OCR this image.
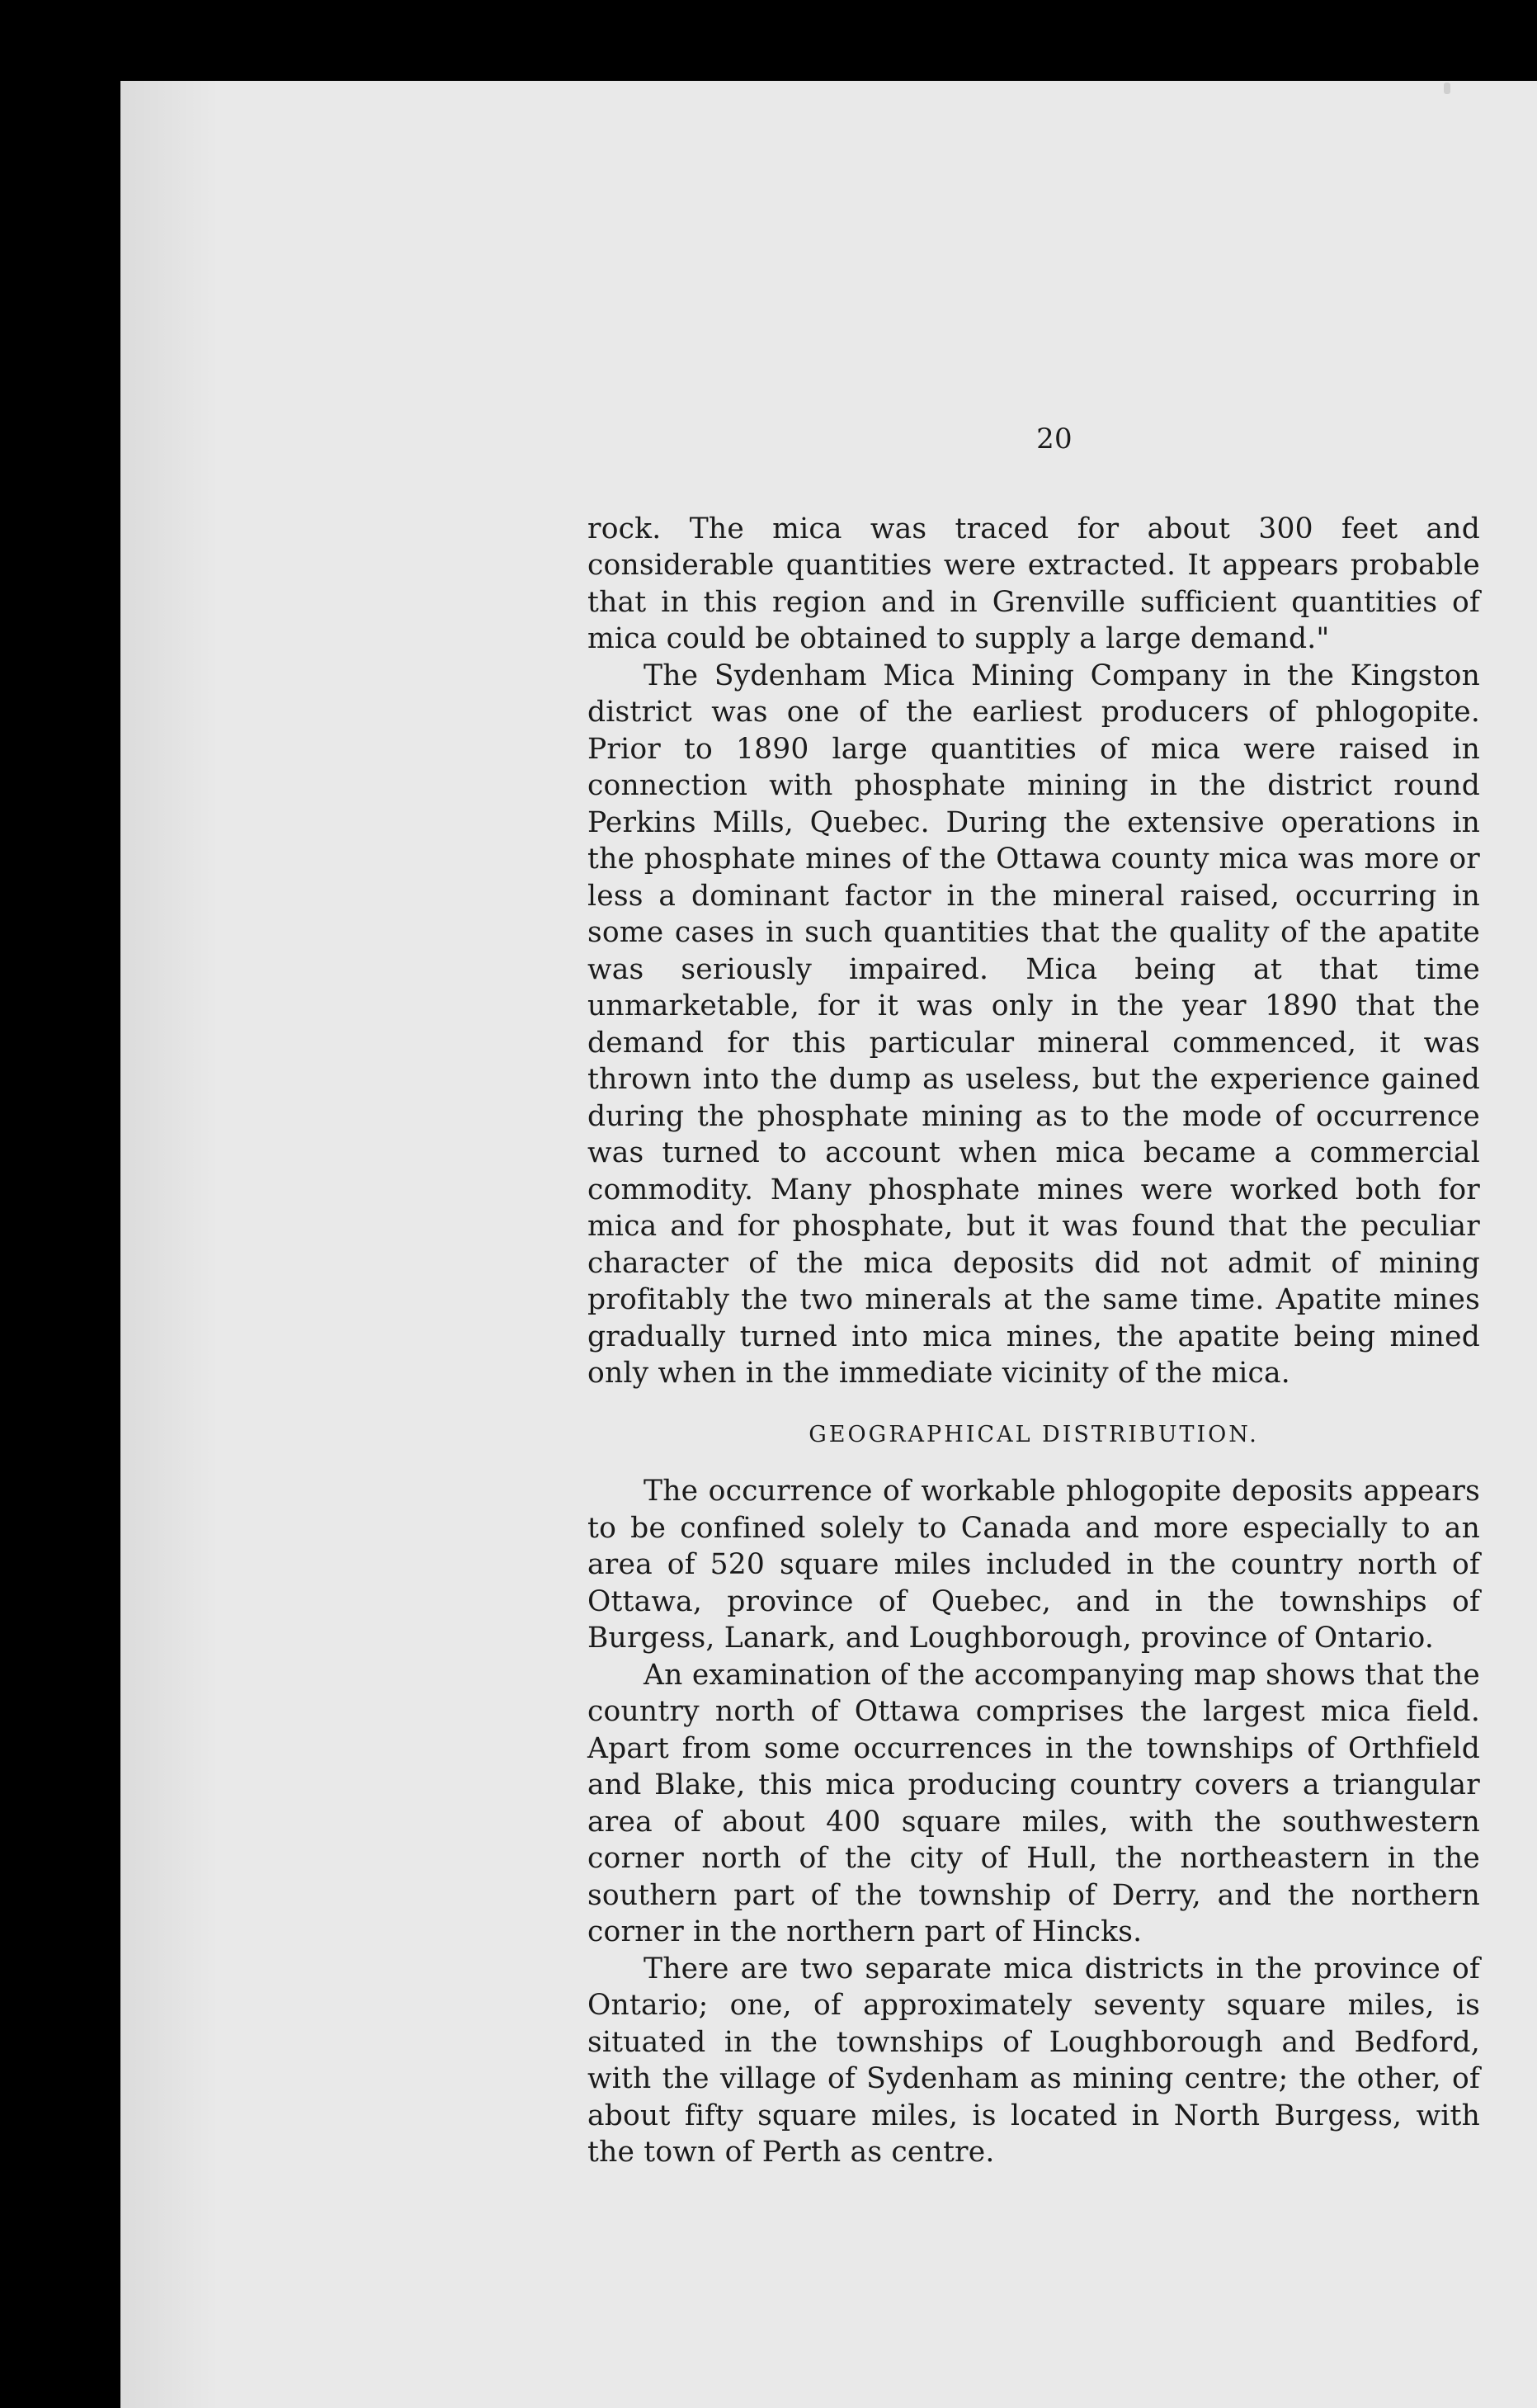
20

rock. The mica was traced for about 300 feet and considerable quantities were extracted. It appears probable that in this region and in Grenville sufficient quantities of mica could be obtained to supply a large demand."

The Sydenham Mica Mining Company in the Kingston district was one of the earliest producers of phlogopite. Prior to 1890 large quantities of mica were raised in connection with phosphate mining in the district round Perkins Mills, Quebec. During the extensive operations in the phosphate mines of the Ottawa county mica was more or less a dominant factor in the mineral raised, occurring in some cases in such quantities that the quality of the apatite was seriously impaired. Mica being at that time unmarketable, for it was only in the year 1890 that the demand for this particular mineral commenced, it was thrown into the dump as useless, but the experience gained during the phosphate mining as to the mode of occurrence was turned to account when mica became a commercial commodity. Many phosphate mines were worked both for mica and for phosphate, but it was found that the peculiar character of the mica deposits did not admit of mining profitably the two minerals at the same time. Apatite mines gradually turned into mica mines, the apatite being mined only when in the immediate vicinity of the mica.

GEOGRAPHICAL DISTRIBUTION.

The occurrence of workable phlogopite deposits appears to be confined solely to Canada and more especially to an area of 520 square miles included in the country north of Ottawa, province of Quebec, and in the townships of Burgess, Lanark, and Loughborough, province of Ontario.

An examination of the accompanying map shows that the country north of Ottawa comprises the largest mica field. Apart from some occurrences in the townships of Orthfield and Blake, this mica producing country covers a triangular area of about 400 square miles, with the southwestern corner north of the city of Hull, the northeastern in the southern part of the township of Derry, and the northern corner in the northern part of Hincks.

There are two separate mica districts in the province of Ontario; one, of approximately seventy square miles, is situated in the townships of Loughborough and Bedford, with the village of Sydenham as mining centre; the other, of about fifty square miles, is located in North Burgess, with the town of Perth as centre.
